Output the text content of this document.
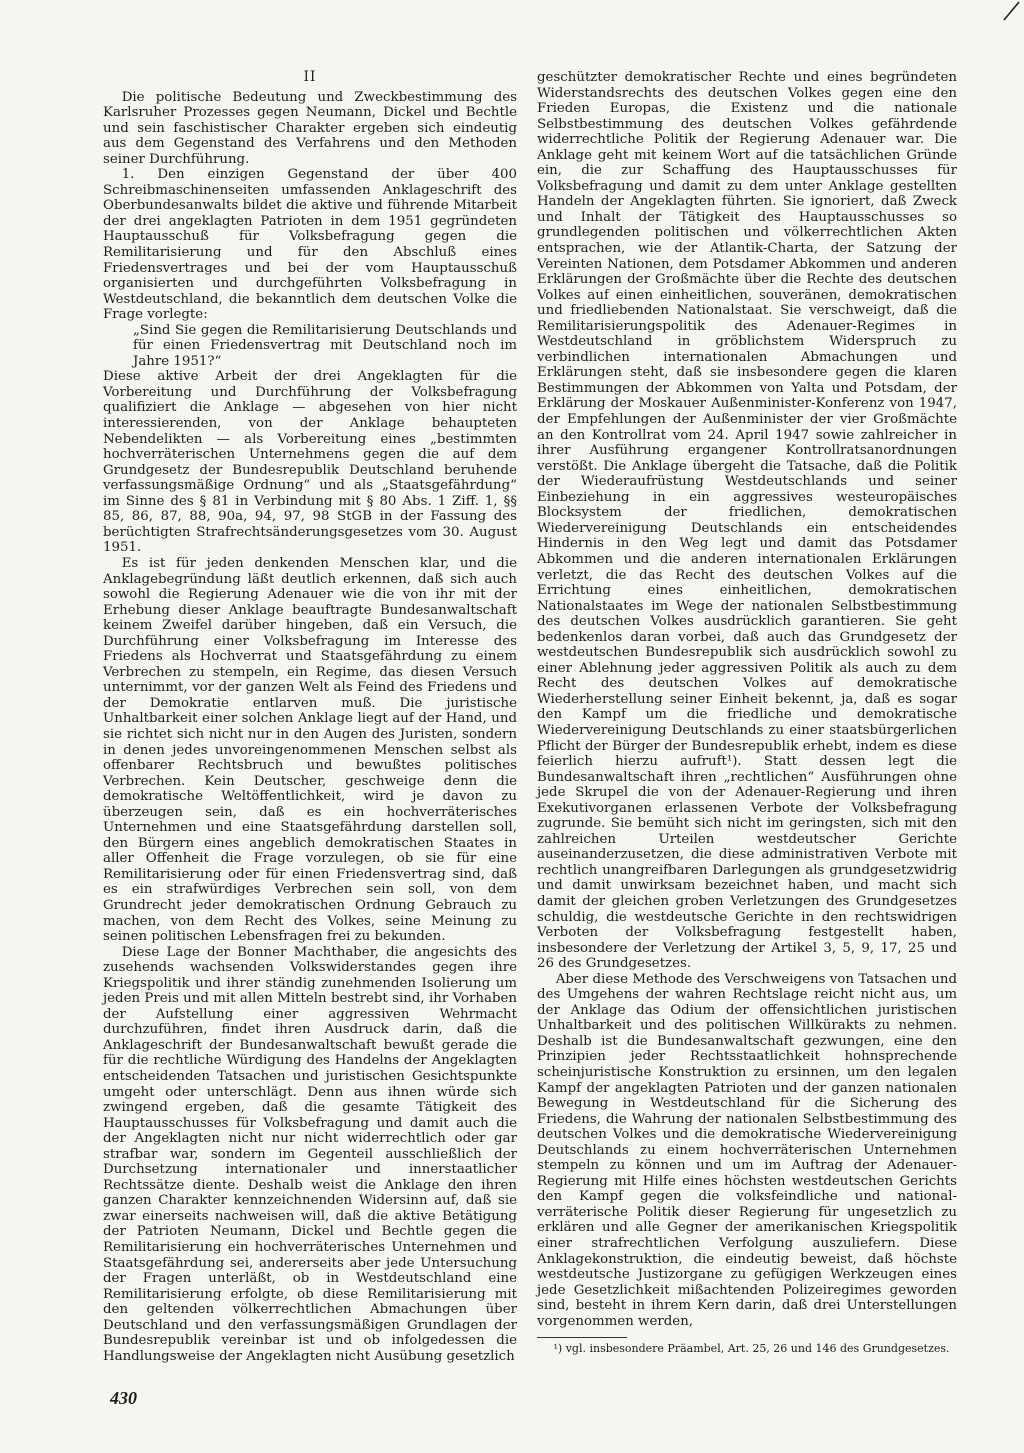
II

Die politische Bedeutung und Zweckbestimmung des Karlsruher Prozesses gegen Neumann, Dickel und Bechtle und sein faschistischer Charakter ergeben sich eindeutig aus dem Gegenstand des Verfahrens und den Methoden seiner Durchführung.

1. Den einzigen Gegenstand der über 400 Schreibmaschinenseiten umfassenden Anklageschrift des Oberbundesanwalts bildet die aktive und führende Mitarbeit der drei angeklagten Patrioten in dem 1951 gegründeten Hauptausschuß für Volksbefragung gegen die Remilitarisierung und für den Abschluß eines Friedensvertrages und bei der vom Hauptausschuß organisierten und durchgeführten Volksbefragung in Westdeutschland, die bekanntlich dem deutschen Volke die Frage vorlegte:

„Sind Sie gegen die Remilitarisierung Deutschlands und für einen Friedensvertrag mit Deutschland noch im Jahre 1951?“

Diese aktive Arbeit der drei Angeklagten für die Vorbereitung und Durchführung der Volksbefragung qualifiziert die Anklage — abgesehen von hier nicht interessierenden, von der Anklage behaupteten Nebendelikten — als Vorbereitung eines „bestimmten hochverräterischen Unternehmens gegen die auf dem Grundgesetz der Bundesrepublik Deutschland beruhende verfassungsmäßige Ordnung“ und als „Staatsgefährdung“ im Sinne des § 81 in Verbindung mit § 80 Abs. 1 Ziff. 1, §§ 85, 86, 87, 88, 90a, 94, 97, 98 StGB in der Fassung des berüchtigten Strafrechtsänderungsgesetzes vom 30. August 1951.

Es ist für jeden denkenden Menschen klar, und die Anklagebegründung läßt deutlich erkennen, daß sich auch sowohl die Regierung Adenauer wie die von ihr mit der Erhebung dieser Anklage beauftragte Bundesanwaltschaft keinem Zweifel darüber hingeben, daß ein Versuch, die Durchführung einer Volksbefragung im Interesse des Friedens als Hochverrat und Staatsgefährdung zu einem Verbrechen zu stempeln, ein Regime, das diesen Versuch unternimmt, vor der ganzen Welt als Feind des Friedens und der Demokratie entlarven muß. Die juristische Unhaltbarkeit einer solchen Anklage liegt auf der Hand, und sie richtet sich nicht nur in den Augen des Juristen, sondern in denen jedes unvoreingenommenen Menschen selbst als offenbarer Rechtsbruch und bewußtes politisches Verbrechen. Kein Deutscher, geschweige denn die demokratische Weltöffentlichkeit, wird je davon zu überzeugen sein, daß es ein hochverräterisches Unternehmen und eine Staatsgefährdung darstellen soll, den Bürgern eines angeblich demokratischen Staates in aller Offenheit die Frage vorzulegen, ob sie für eine Remilitarisierung oder für einen Friedensvertrag sind, daß es ein strafwürdiges Verbrechen sein soll, von dem Grundrecht jeder demokratischen Ordnung Gebrauch zu machen, von dem Recht des Volkes, seine Meinung zu seinen politischen Lebensfragen frei zu bekunden.

Diese Lage der Bonner Machthaber, die angesichts des zusehends wachsenden Volkswiderstandes gegen ihre Kriegspolitik und ihrer ständig zunehmenden Isolierung um jeden Preis und mit allen Mitteln bestrebt sind, ihr Vorhaben der Aufstellung einer aggressiven Wehrmacht durchzuführen, findet ihren Ausdruck darin, daß die Anklageschrift der Bundesanwaltschaft bewußt gerade die für die rechtliche Würdigung des Handelns der Angeklagten entscheidenden Tatsachen und juristischen Gesichtspunkte umgeht oder unterschlägt. Denn aus ihnen würde sich zwingend ergeben, daß die gesamte Tätigkeit des Hauptausschusses für Volksbefragung und damit auch die der Angeklagten nicht nur nicht widerrechtlich oder gar strafbar war, sondern im Gegenteil ausschließlich der Durchsetzung internationaler und innerstaatlicher Rechtssätze diente. Deshalb weist die Anklage den ihren ganzen Charakter kennzeichnenden Widersinn auf, daß sie zwar einerseits nachweisen will, daß die aktive Betätigung der Patrioten Neumann, Dickel und Bechtle gegen die Remilitarisierung ein hochverräterisches Unternehmen und Staatsgefährdung sei, andererseits aber jede Untersuchung der Fragen unterläßt, ob in Westdeutschland eine Remilitarisierung erfolgte, ob diese Remilitarisierung mit den geltenden völkerrechtlichen Abmachungen über Deutschland und den verfassungsmäßigen Grundlagen der Bundesrepublik vereinbar ist und ob infolgedessen die Handlungsweise der Angeklagten nicht Ausübung gesetzlich

geschützter demokratischer Rechte und eines begründeten Widerstandsrechts des deutschen Volkes gegen eine den Frieden Europas, die Existenz und die nationale Selbstbestimmung des deutschen Volkes gefährdende widerrechtliche Politik der Regierung Adenauer war. Die Anklage geht mit keinem Wort auf die tatsächlichen Gründe ein, die zur Schaffung des Hauptausschusses für Volksbefragung und damit zu dem unter Anklage gestellten Handeln der Angeklagten führten. Sie ignoriert, daß Zweck und Inhalt der Tätigkeit des Hauptausschusses so grundlegenden politischen und völkerrechtlichen Akten entsprachen, wie der Atlantik-Charta, der Satzung der Vereinten Nationen, dem Potsdamer Abkommen und anderen Erklärungen der Großmächte über die Rechte des deutschen Volkes auf einen einheitlichen, souveränen, demokratischen und friedliebenden Nationalstaat. Sie verschweigt, daß die Remilitarisierungspolitik des Adenauer-Regimes in Westdeutschland in gröblichstem Widerspruch zu verbindlichen internationalen Abmachungen und Erklärungen steht, daß sie insbesondere gegen die klaren Bestimmungen der Abkommen von Yalta und Potsdam, der Erklärung der Moskauer Außenminister-Konferenz von 1947, der Empfehlungen der Außenminister der vier Großmächte an den Kontrollrat vom 24. April 1947 sowie zahlreicher in ihrer Ausführung ergangener Kontrollratsanordnungen verstößt. Die Anklage übergeht die Tatsache, daß die Politik der Wiederaufrüstung Westdeutschlands und seiner Einbeziehung in ein aggressives westeuropäisches Blocksystem der friedlichen, demokratischen Wiedervereinigung Deutschlands ein entscheidendes Hindernis in den Weg legt und damit das Potsdamer Abkommen und die anderen internationalen Erklärungen verletzt, die das Recht des deutschen Volkes auf die Errichtung eines einheitlichen, demokratischen Nationalstaates im Wege der nationalen Selbstbestimmung des deutschen Volkes ausdrücklich garantieren. Sie geht bedenkenlos daran vorbei, daß auch das Grundgesetz der westdeutschen Bundesrepublik sich ausdrücklich sowohl zu einer Ablehnung jeder aggressiven Politik als auch zu dem Recht des deutschen Volkes auf demokratische Wiederherstellung seiner Einheit bekennt, ja, daß es sogar den Kampf um die friedliche und demokratische Wiedervereinigung Deutschlands zu einer staatsbürgerlichen Pflicht der Bürger der Bundesrepublik erhebt, indem es diese feierlich hierzu aufruft¹). Statt dessen legt die Bundesanwaltschaft ihren „rechtlichen“ Ausführungen ohne jede Skrupel die von der Adenauer-Regierung und ihren Exekutivorganen erlassenen Verbote der Volksbefragung zugrunde. Sie bemüht sich nicht im geringsten, sich mit den zahlreichen Urteilen westdeutscher Gerichte auseinanderzusetzen, die diese administrativen Verbote mit rechtlich unangreifbaren Darlegungen als grundgesetzwidrig und damit unwirksam bezeichnet haben, und macht sich damit der gleichen groben Verletzungen des Grundgesetzes schuldig, die westdeutsche Gerichte in den rechtswidrigen Verboten der Volksbefragung festgestellt haben, insbesondere der Verletzung der Artikel 3, 5, 9, 17, 25 und 26 des Grundgesetzes.

Aber diese Methode des Verschweigens von Tatsachen und des Umgehens der wahren Rechtslage reicht nicht aus, um der Anklage das Odium der offensichtlichen juristischen Unhaltbarkeit und des politischen Willkürakts zu nehmen. Deshalb ist die Bundesanwaltschaft gezwungen, eine den Prinzipien jeder Rechtsstaatlichkeit hohnsprechende scheinjuristische Konstruktion zu ersinnen, um den legalen Kampf der angeklagten Patrioten und der ganzen nationalen Bewegung in Westdeutschland für die Sicherung des Friedens, die Wahrung der nationalen Selbstbestimmung des deutschen Volkes und die demokratische Wiedervereinigung Deutschlands zu einem hochverräterischen Unternehmen stempeln zu können und um im Auftrag der Adenauer-Regierung mit Hilfe eines höchsten westdeutschen Gerichts den Kampf gegen die volksfeindliche und national-verräterische Politik dieser Regierung für ungesetzlich zu erklären und alle Gegner der amerikanischen Kriegspolitik einer strafrechtlichen Verfolgung auszuliefern. Diese Anklagekonstruktion, die eindeutig beweist, daß höchste westdeutsche Justizorgane zu gefügigen Werkzeugen eines jede Gesetzlichkeit mißachtenden Polizeiregimes geworden sind, besteht in ihrem Kern darin, daß drei Unterstellungen vorgenommen werden,

¹) vgl. insbesondere Präambel, Art. 25, 26 und 146 des Grundgesetzes.

430
